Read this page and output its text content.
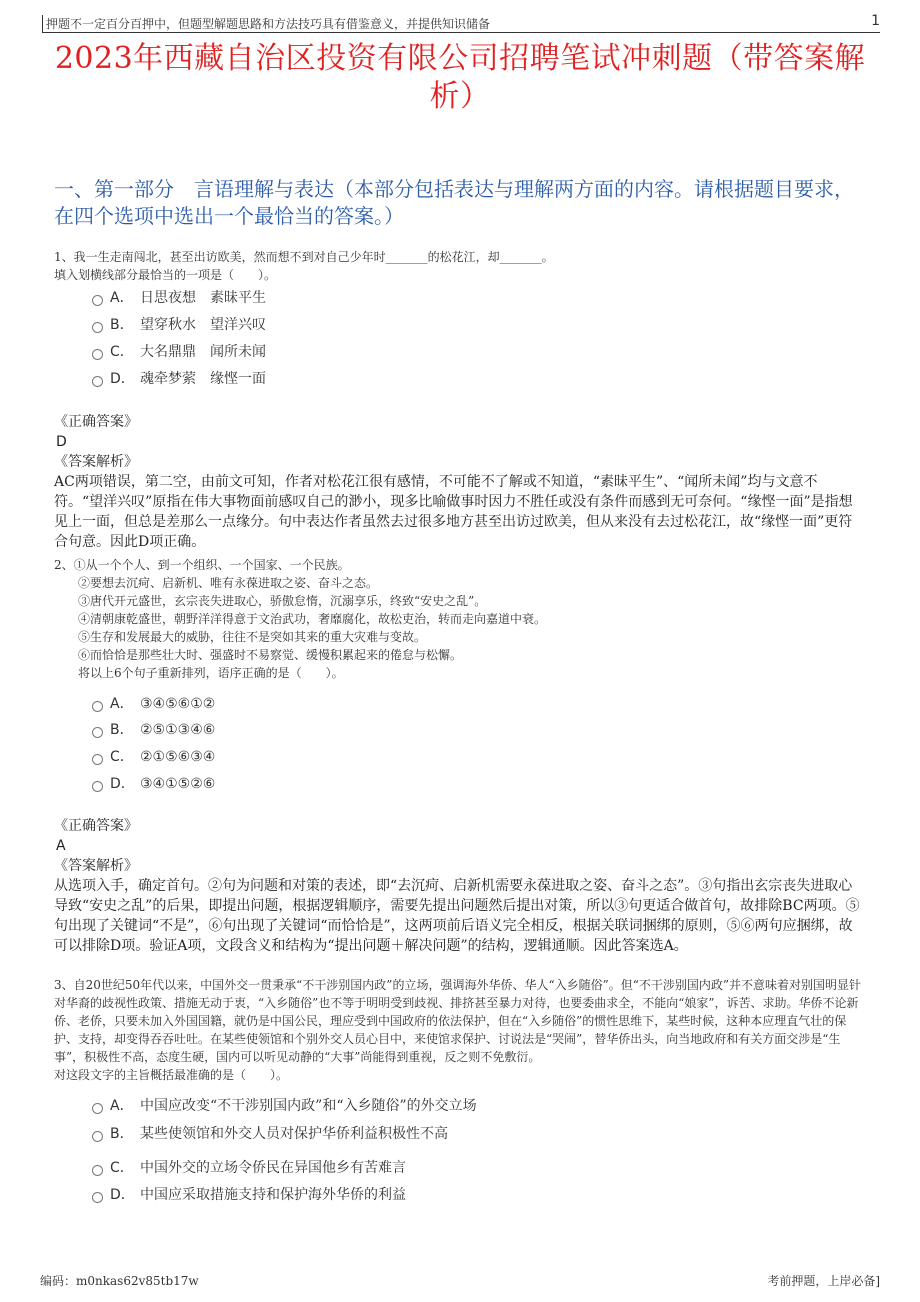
押题不一定百分百押中，但题型解题思路和方法技巧具有借鉴意义，并提供知识储备	1
2023年西藏自治区投资有限公司招聘笔试冲刺题（带答案解
析）
一、第一部分　言语理解与表达（本部分包括表达与理解两方面的内容。请根据题目要求，在四个选项中选出一个最恰当的答案。）

1、我一生走南闯北，甚至出访欧美，然而想不到对自己少年时_______的松花江，却_______。

填入划横线部分最恰当的一项是（　　）。

A． 日思夜想　素昧平生
B． 望穿秋水　望洋兴叹
C． 大名鼎鼎　闻所未闻
D． 魂牵梦萦　缘悭一面

《正确答案》

D

《答案解析》

AC两项错误，第二空，由前文可知，作者对松花江很有感情，不可能不了解或不知道，“素昧平生”、“闻所未闻”均与文意不符。“望洋兴叹”原指在伟大事物面前感叹自己的渺小，现多比喻做事时因力不胜任或没有条件而感到无可奈何。“缘悭一面”是指想见上一面，但总是差那么一点缘分。句中表达作者虽然去过很多地方甚至出访过欧美，但从来没有去过松花江，故“缘悭一面”更符合句意。因此D项正确。

2、①从一个个人、到一个组织、一个国家、一个民族。

②要想去沉疴、启新机、唯有永葆进取之姿、奋斗之态。

③唐代开元盛世，玄宗丧失进取心，骄傲怠惰，沉溺享乐，终致“安史之乱”。

④清朝康乾盛世，朝野洋洋得意于文治武功，奢靡腐化，故松吏治，转而走向嘉道中衰。

⑤生存和发展最大的威胁，往往不是突如其来的重大灾难与变故。

⑥而恰恰是那些壮大时、强盛时不易察觉、缓慢积累起来的倦怠与松懈。

将以上6个句子重新排列，语序正确的是（　　）。

A． ③④⑤⑥①②
B． ②⑤①③④⑥
C． ②①⑤⑥③④
D． ③④①⑤②⑥

《正确答案》

A

《答案解析》

从选项入手，确定首句。②句为问题和对策的表述，即“去沉疴、启新机需要永葆进取之姿、奋斗之态”。③句指出玄宗丧失进取心导致“安史之乱”的后果，即提出问题，根据逻辑顺序，需要先提出问题然后提出对策，所以③句更适合做首句，故排除BC两项。⑤句出现了关键词“不是”，⑥句出现了关键词“而恰恰是”，这两项前后语义完全相反，根据关联词捆绑的原则，⑤⑥两句应捆绑，故可以排除D项。验证A项，文段含义和结构为“提出问题＋解决问题”的结构，逻辑通顺。因此答案选A。

3、自20世纪50年代以来，中国外交一贯秉承“不干涉别国内政”的立场，强调海外华侨、华人“入乡随俗”。但“不干涉别国内政”并不意味着对别国明显针对华裔的歧视性政策、措施无动于衷，“入乡随俗”也不等于明明受到歧视、排挤甚至暴力对待，也要委曲求全，不能向“娘家”，诉苦、求助。华侨不论新侨、老侨，只要未加入外国国籍，就仍是中国公民，理应受到中国政府的依法保护，但在“入乡随俗”的惯性思维下，某些时候，这种本应理直气壮的保护、支持，却变得吞吞吐吐。在某些使领馆和个别外交人员心目中，来使馆求保护、讨说法是“哭闹”，替华侨出头，向当地政府和有关方面交涉是“生事”，积极性不高，态度生硬，国内可以听见动静的“大事”尚能得到重视，反之则不免敷衍。

对这段文字的主旨概括最准确的是（　　）。

A． 中国应改变“不干涉别国内政”和“入乡随俗”的外交立场
B． 某些使领馆和外交人员对保护华侨利益积极性不高
C． 中国外交的立场令侨民在异国他乡有苦难言
D． 中国应采取措施支持和保护海外华侨的利益
编码：m0nkas62v85tb17w	考前押题，上岸必备]
